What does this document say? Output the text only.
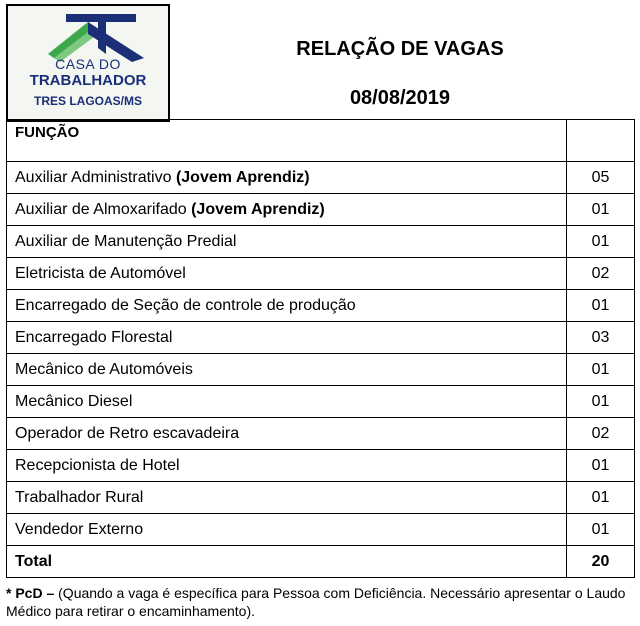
CASA DO
TRABALHADOR
TRES LAGOAS/MS
RELAÇÃO DE VAGAS
08/08/2019
FUNÇÃO	
Auxiliar Administrativo (Jovem Aprendiz)	05
Auxiliar de Almoxarifado (Jovem Aprendiz)	01
Auxiliar de Manutenção Predial	01
Eletricista de Automóvel	02
Encarregado de Seção de controle de produção	01
Encarregado Florestal	03
Mecânico de Automóveis	01
Mecânico Diesel	01
Operador de Retro escavadeira	02
Recepcionista de Hotel	01
Trabalhador Rural	01
Vendedor Externo	01
Total	20
* PcD – (Quando a vaga é específica para Pessoa com Deficiência. Necessário apresentar o Laudo Médico para retirar o encaminhamento).
